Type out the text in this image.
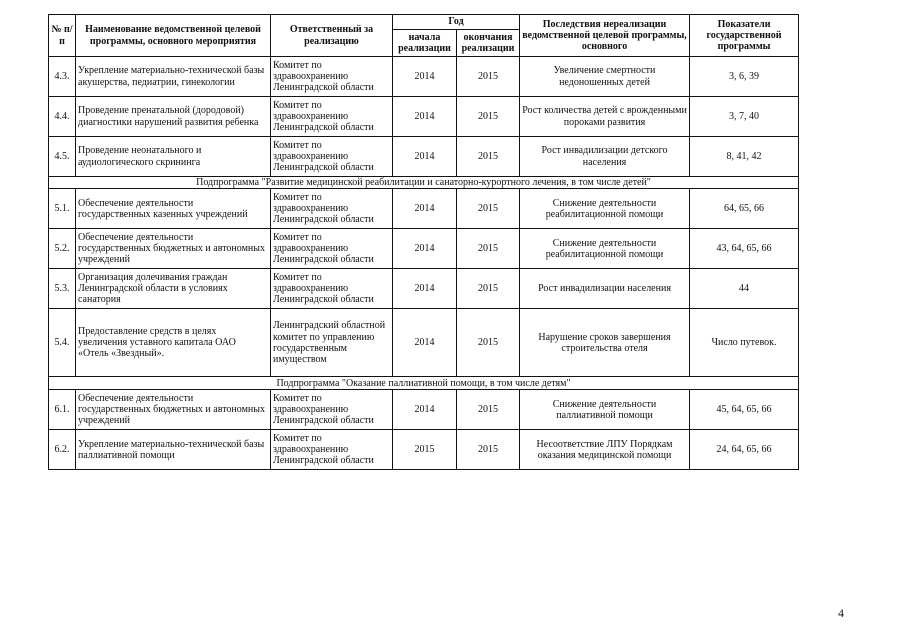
№ п/п	Наименование ведомственной целевой программы, основного мероприятия	Ответственный за реализацию	Год		Последствия нереализации ведомственной целевой программы, основного	Показатели государственной программы
			начала реализации	окончания реализации		
4.3.	Укрепление материально-технической базы акушерства, педиатрии, гинекологии	Комитет по здравоохранению Ленинградской области	2014	2015	Увеличение смертности недоношенных детей	3, 6, 39
4.4.	Проведение пренатальной (дородовой) диагностики нарушений развития ребенка	Комитет по здравоохранению Ленинградской области	2014	2015	Рост количества детей с врожденными пороками развития	3, 7, 40
4.5.	Проведение неонатального и аудиологического скрининга	Комитет по здравоохранению Ленинградской области	2014	2015	Рост инвадилизации детского населения	8, 41, 42
Подпрограмма "Развитие медицинской реабилитации и санаторно-курортного лечения, в том числе детей"						
5.1.	Обеспечение деятельности государственных казенных учреждений	Комитет по здравоохранению Ленинградской области	2014	2015	Снижение деятельности реабилитационной помощи	64, 65, 66
5.2.	Обеспечение деятельности государственных бюджетных и автономных учреждений	Комитет по здравоохранению Ленинградской области	2014	2015	Снижение деятельности реабилитационной помощи	43, 64, 65, 66
5.3.	Организация долечивания граждан Ленинградской области в условиях санатория	Комитет по здравоохранению Ленинградской области	2014	2015	Рост инвадилизации населения	44
5.4.	Предоставление средств в целях увеличения уставного капитала ОАО «Отель «Звездный».	Ленинградский областной комитет по управлению государственным имуществом	2014	2015	Нарушение сроков завершения строительства отеля	Число путевок.
Подпрограмма "Оказание паллиативной помощи, в том числе детям"						
6.1.	Обеспечение деятельности государственных бюджетных и автономных учреждений	Комитет по здравоохранению Ленинградской области	2014	2015	Снижение деятельности паллиативной помощи	45, 64, 65, 66
6.2.	Укрепление материально-технической базы паллиативной помощи	Комитет по здравоохранению Ленинградской области	2015	2015	Несоответствие ЛПУ Порядкам оказания медицинской помощи	24, 64, 65, 66
4
